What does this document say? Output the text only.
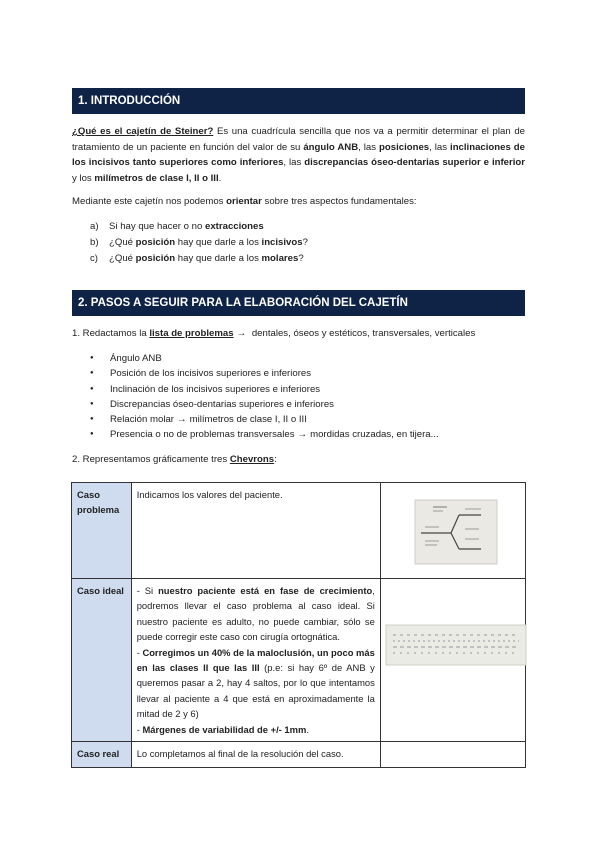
1. INTRODUCCIÓN
¿Qué es el cajetín de Steiner? Es una cuadrícula sencilla que nos va a permitir determinar el plan de tratamiento de un paciente en función del valor de su ángulo ANB, las posiciones, las inclinaciones de los incisivos tanto superiores como inferiores, las discrepancias óseo-dentarias superior e inferior y los milímetros de clase I, II o III.
Mediante este cajetín nos podemos orientar sobre tres aspectos fundamentales:
a)	Si hay que hacer o no extracciones
b)	¿Qué posición hay que darle a los incisivos?
c)	¿Qué posición hay que darle a los molares?
2. PASOS A SEGUIR PARA LA ELABORACIÓN DEL CAJETÍN
1. Redactamos la lista de problemas → dentales, óseos y estéticos, transversales, verticales
●	Ángulo ANB
●	Posición de los incisivos superiores e inferiores
●	Inclinación de los incisivos superiores e inferiores
●	Discrepancias óseo-dentarias superiores e inferiores
●	Relación molar → milímetros de clase I, II o III
●	Presencia o no de problemas transversales → mordidas cruzadas, en tijera...
2. Representamos gráficamente tres Chevrons:
Caso problema	Indicamos los valores del paciente.	

Caso ideal	- Si nuestro paciente está en fase de crecimiento, podremos llevar el caso problema al caso ideal. Si nuestro paciente es adulto, no puede cambiar, sólo se puede corregir este caso con cirugía ortognática.
- Corregimos un 40% de la maloclusión, un poco más en las clases II que las III (p.e: si hay 6º de ANB y queremos pasar a 2, hay 4 saltos, por lo que intentamos llevar al paciente a 4 que está en aproximadamente la mitad de 2 y 6)
- Márgenes de variabilidad de +/- 1mm.	

Caso real	Lo completamos al final de la resolución del caso.	
